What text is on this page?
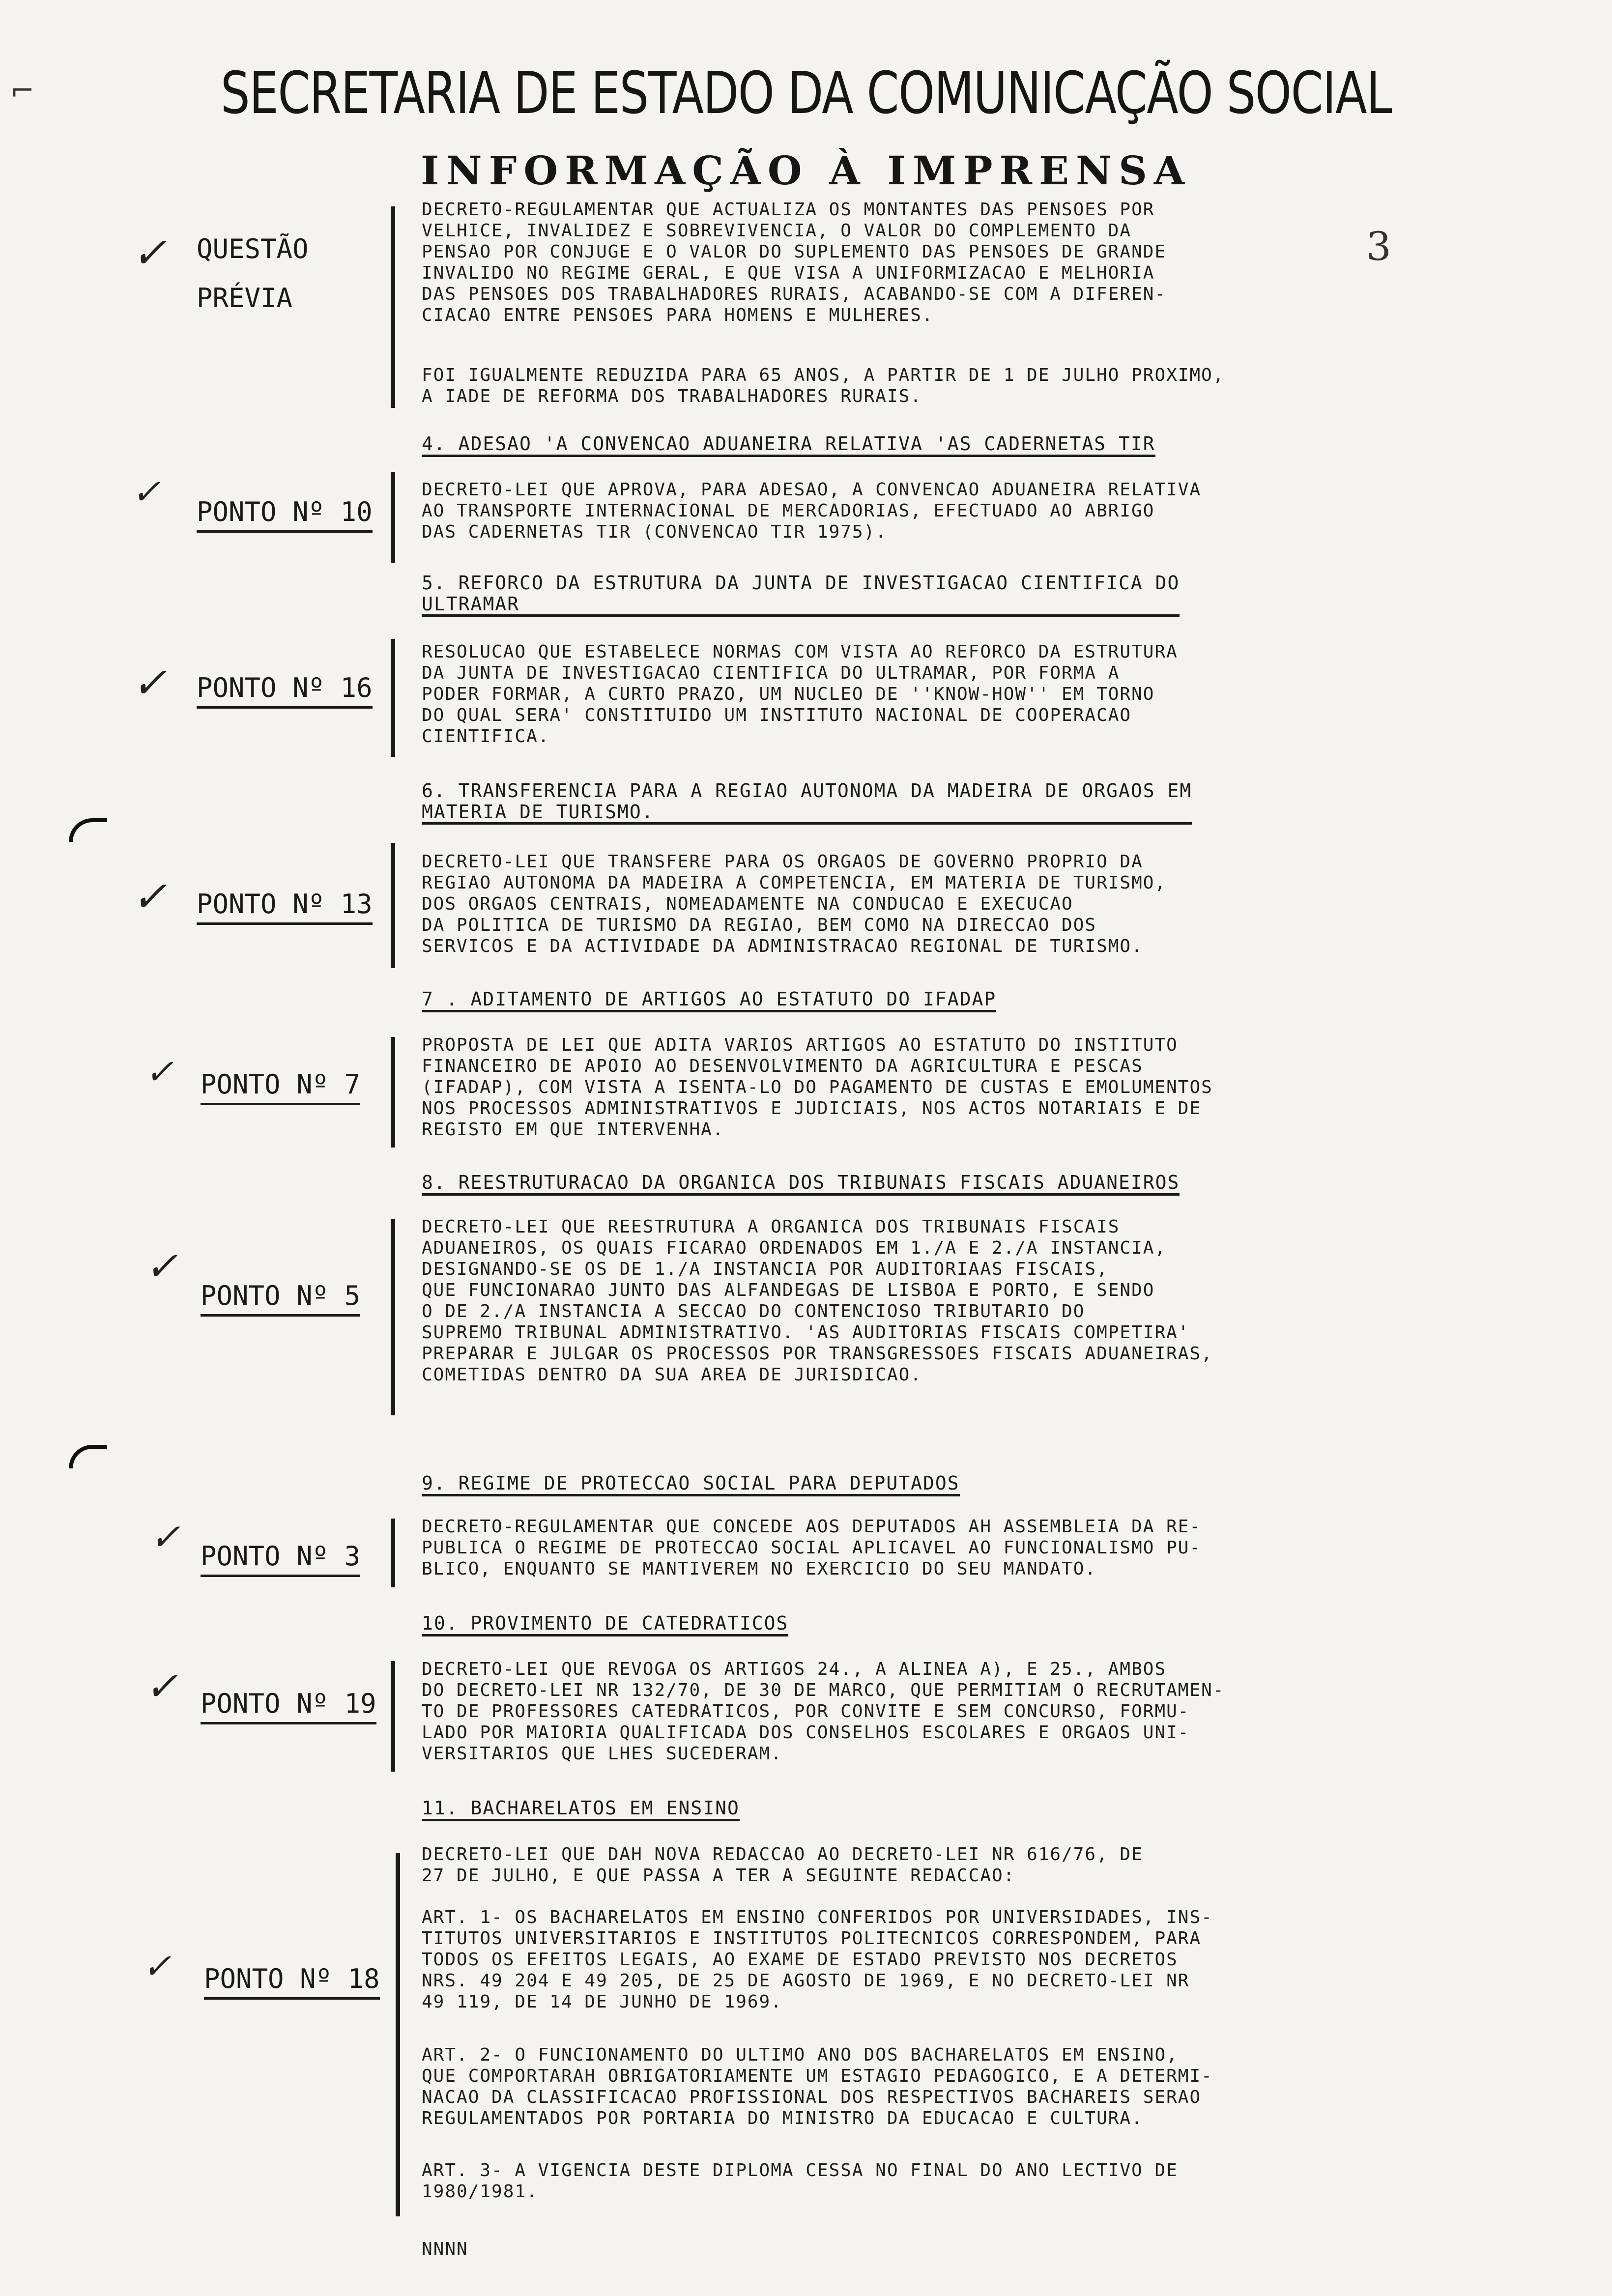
SECRETARIA DE ESTADO DA COMUNICAÇÃO SOCIAL
INFORMAÇÃO À IMPRENSA
⌐
3
✓ QUESTÃO
PRÉVIA
DECRETO-REGULAMENTAR QUE ACTUALIZA OS MONTANTES DAS PENSOES POR
VELHICE, INVALIDEZ E SOBREVIVENCIA, O VALOR DO COMPLEMENTO DA
PENSAO POR CONJUGE E O VALOR DO SUPLEMENTO DAS PENSOES DE GRANDE
INVALIDO NO REGIME GERAL, E QUE VISA A UNIFORMIZACAO E MELHORIA
DAS PENSOES DOS TRABALHADORES RURAIS, ACABANDO-SE COM A DIFEREN-
CIACAO ENTRE PENSOES PARA HOMENS E MULHERES.
FOI IGUALMENTE REDUZIDA PARA 65 ANOS, A PARTIR DE 1 DE JULHO PROXIMO,
A IADE DE REFORMA DOS TRABALHADORES RURAIS.
4. ADESAO 'A CONVENCAO ADUANEIRA RELATIVA 'AS CADERNETAS TIR
✓ PONTO Nº 10
DECRETO-LEI QUE APROVA, PARA ADESAO, A CONVENCAO ADUANEIRA RELATIVA
AO TRANSPORTE INTERNACIONAL DE MERCADORIAS, EFECTUADO AO ABRIGO
DAS CADERNETAS TIR (CONVENCAO TIR 1975).
5. REFORCO DA ESTRUTURA DA JUNTA DE INVESTIGACAO CIENTIFICA DO
ULTRAMAR
✓ PONTO Nº 16
RESOLUCAO QUE ESTABELECE NORMAS COM VISTA AO REFORCO DA ESTRUTURA
DA JUNTA DE INVESTIGACAO CIENTIFICA DO ULTRAMAR, POR FORMA A
PODER FORMAR, A CURTO PRAZO, UM NUCLEO DE ''KNOW-HOW'' EM TORNO
DO QUAL SERA' CONSTITUIDO UM INSTITUTO NACIONAL DE COOPERACAO
CIENTIFICA.
6. TRANSFERENCIA PARA A REGIAO AUTONOMA DA MADEIRA DE ORGAOS EM
MATERIA DE TURISMO.
✓ PONTO Nº 13
DECRETO-LEI QUE TRANSFERE PARA OS ORGAOS DE GOVERNO PROPRIO DA
REGIAO AUTONOMA DA MADEIRA A COMPETENCIA, EM MATERIA DE TURISMO,
DOS ORGAOS CENTRAIS, NOMEADAMENTE NA CONDUCAO E EXECUCAO
DA POLITICA DE TURISMO DA REGIAO, BEM COMO NA DIRECCAO DOS
SERVICOS E DA ACTIVIDADE DA ADMINISTRACAO REGIONAL DE TURISMO.
7 . ADITAMENTO DE ARTIGOS AO ESTATUTO DO IFADAP
✓ PONTO Nº 7
PROPOSTA DE LEI QUE ADITA VARIOS ARTIGOS AO ESTATUTO DO INSTITUTO
FINANCEIRO DE APOIO AO DESENVOLVIMENTO DA AGRICULTURA E PESCAS
(IFADAP), COM VISTA A ISENTA-LO DO PAGAMENTO DE CUSTAS E EMOLUMENTOS
NOS PROCESSOS ADMINISTRATIVOS E JUDICIAIS, NOS ACTOS NOTARIAIS E DE
REGISTO EM QUE INTERVENHA.
8. REESTRUTURACAO DA ORGANICA DOS TRIBUNAIS FISCAIS ADUANEIROS
✓
PONTO Nº 5
DECRETO-LEI QUE REESTRUTURA A ORGANICA DOS TRIBUNAIS FISCAIS
ADUANEIROS, OS QUAIS FICARAO ORDENADOS EM 1./A E 2./A INSTANCIA,
DESIGNANDO-SE OS DE 1./A INSTANCIA POR AUDITORIAAS FISCAIS,
QUE FUNCIONARAO JUNTO DAS ALFANDEGAS DE LISBOA E PORTO, E SENDO
O DE 2./A INSTANCIA A SECCAO DO CONTENCIOSO TRIBUTARIO DO
SUPREMO TRIBUNAL ADMINISTRATIVO. 'AS AUDITORIAS FISCAIS COMPETIRA'
PREPARAR E JULGAR OS PROCESSOS POR TRANSGRESSOES FISCAIS ADUANEIRAS,
COMETIDAS DENTRO DA SUA AREA DE JURISDICAO.
9. REGIME DE PROTECCAO SOCIAL PARA DEPUTADOS
✓ PONTO Nº 3
DECRETO-REGULAMENTAR QUE CONCEDE AOS DEPUTADOS AH ASSEMBLEIA DA RE-
PUBLICA O REGIME DE PROTECCAO SOCIAL APLICAVEL AO FUNCIONALISMO PU-
BLICO, ENQUANTO SE MANTIVEREM NO EXERCICIO DO SEU MANDATO.
10. PROVIMENTO DE CATEDRATICOS
✓ PONTO Nº 19
DECRETO-LEI QUE REVOGA OS ARTIGOS 24., A ALINEA A), E 25., AMBOS
DO DECRETO-LEI NR 132/70, DE 30 DE MARCO, QUE PERMITIAM O RECRUTAMEN-
TO DE PROFESSORES CATEDRATICOS, POR CONVITE E SEM CONCURSO, FORMU-
LADO POR MAIORIA QUALIFICADA DOS CONSELHOS ESCOLARES E ORGAOS UNI-
VERSITARIOS QUE LHES SUCEDERAM.
11. BACHARELATOS EM ENSINO
✓ PONTO Nº 18
DECRETO-LEI QUE DAH NOVA REDACCAO AO DECRETO-LEI NR 616/76, DE
27 DE JULHO, E QUE PASSA A TER A SEGUINTE REDACCAO:
ART. 1- OS BACHARELATOS EM ENSINO CONFERIDOS POR UNIVERSIDADES, INS-
TITUTOS UNIVERSITARIOS E INSTITUTOS POLITECNICOS CORRESPONDEM, PARA
TODOS OS EFEITOS LEGAIS, AO EXAME DE ESTADO PREVISTO NOS DECRETOS
NRS. 49 204 E 49 205, DE 25 DE AGOSTO DE 1969, E NO DECRETO-LEI NR
49 119, DE 14 DE JUNHO DE 1969.
ART. 2- O FUNCIONAMENTO DO ULTIMO ANO DOS BACHARELATOS EM ENSINO,
QUE COMPORTARAH OBRIGATORIAMENTE UM ESTAGIO PEDAGOGICO, E A DETERMI-
NACAO DA CLASSIFICACAO PROFISSIONAL DOS RESPECTIVOS BACHAREIS SERAO
REGULAMENTADOS POR PORTARIA DO MINISTRO DA EDUCACAO E CULTURA.
ART. 3- A VIGENCIA DESTE DIPLOMA CESSA NO FINAL DO ANO LECTIVO DE
1980/1981.
NNNN
